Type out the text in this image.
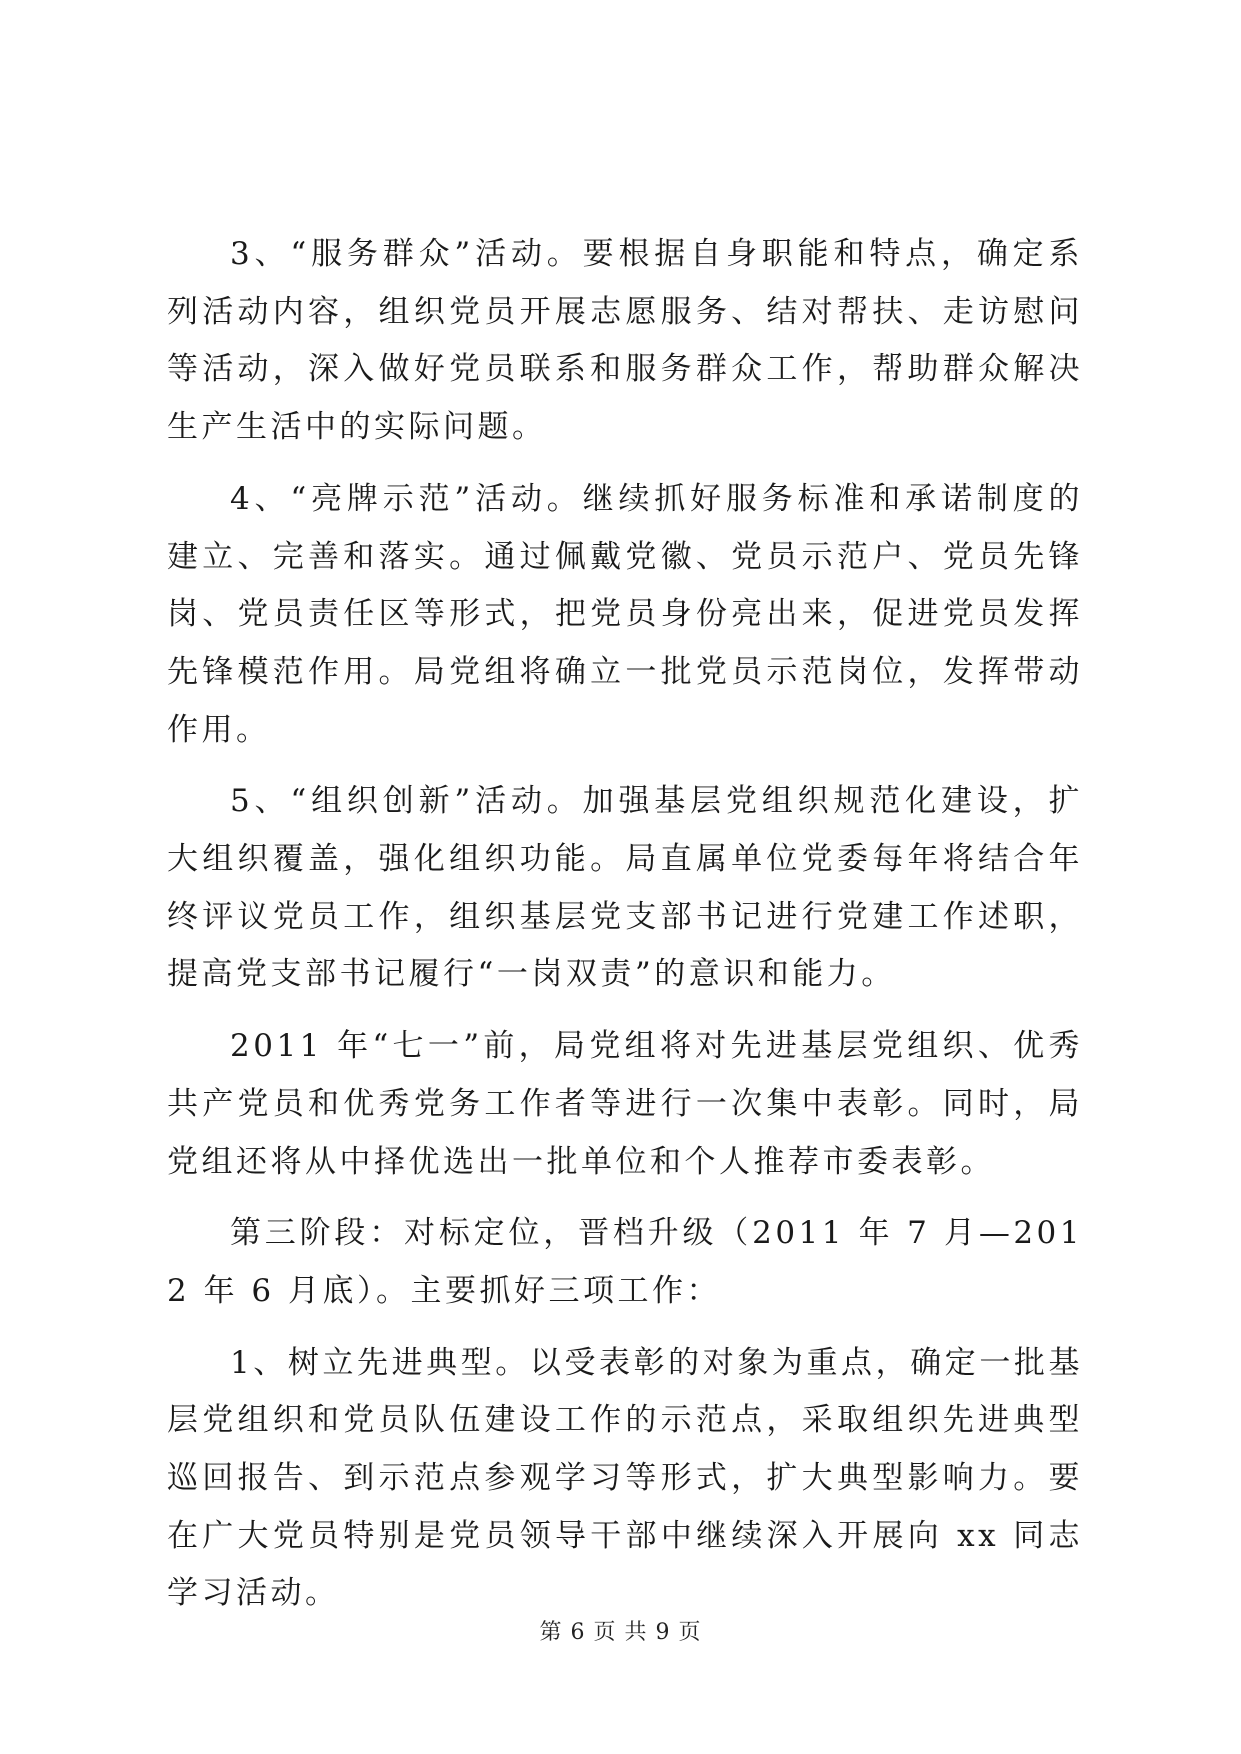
3、“服务群众”活动。要根据自身职能和特点，确定系列活动内容，组织党员开展志愿服务、结对帮扶、走访慰问等活动，深入做好党员联系和服务群众工作，帮助群众解决生产生活中的实际问题。

4、“亮牌示范”活动。继续抓好服务标准和承诺制度的建立、完善和落实。通过佩戴党徽、党员示范户、党员先锋岗、党员责任区等形式，把党员身份亮出来，促进党员发挥先锋模范作用。局党组将确立一批党员示范岗位，发挥带动作用。

5、“组织创新”活动。加强基层党组织规范化建设，扩大组织覆盖，强化组织功能。局直属单位党委每年将结合年终评议党员工作，组织基层党支部书记进行党建工作述职，提高党支部书记履行“一岗双责”的意识和能力。

2011 年“七一”前，局党组将对先进基层党组织、优秀共产党员和优秀党务工作者等进行一次集中表彰。同时，局党组还将从中择优选出一批单位和个人推荐市委表彰。

第三阶段：对标定位，晋档升级（2011 年 7 月—2012 年 6 月底）。主要抓好三项工作：

1、树立先进典型。以受表彰的对象为重点，确定一批基层党组织和党员队伍建设工作的示范点，采取组织先进典型巡回报告、到示范点参观学习等形式，扩大典型影响力。要在广大党员特别是党员领导干部中继续深入开展向 xx 同志学习活动。

第 6 页 共 9 页
